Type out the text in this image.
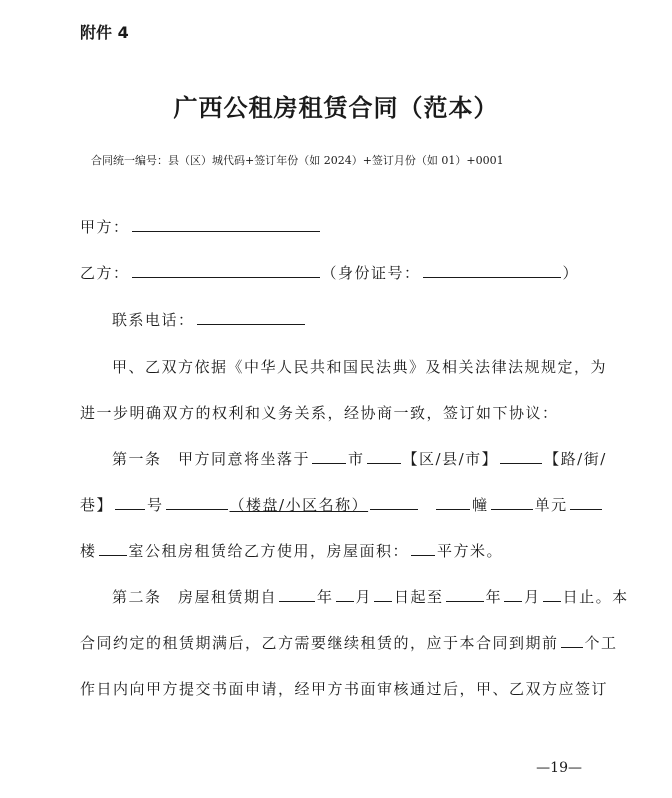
附件 4
广西公租房租赁合同（范本）
合同统一编号：县（区）城代码+签订年份（如 2024）+签订月份（如 01）+0001
甲方：
乙方：	（身份证号：	）
联系电话：
甲、乙双方依据《中华人民共和国民法典》及相关法律法规规定，为
进一步明确双方的权利和义务关系，经协商一致，签订如下协议：
第一条　甲方同意将坐落于	市	【区/县/市】	【路/街/
巷】 号	（楼盘/小区名称）	幢	单元
楼 室公租房租赁给乙方使用，房屋面积： 平方米。
第二条　房屋租赁期自	年 月 日起至	年 月 日止。本
合同约定的租赁期满后，乙方需要继续租赁的，应于本合同到期前 个工
作日内向甲方提交书面申请，经甲方书面审核通过后，甲、乙双方应签订
—19—
